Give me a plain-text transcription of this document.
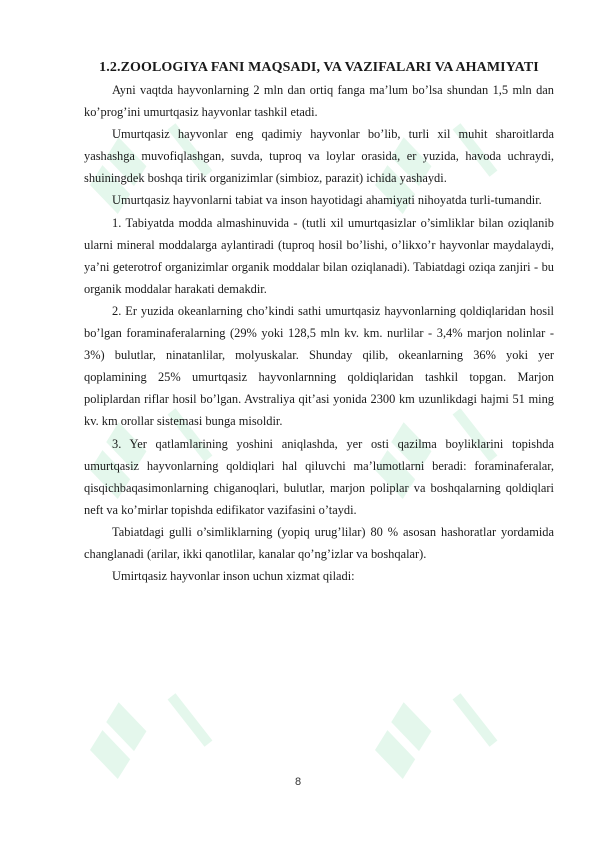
1.2.ZOOLOGIYA FANI MAQSADI, VA VAZIFALARI VA AHAMIYATI

Ayni vaqtda hayvonlarning 2 mln dan ortiq fanga ma’lum bo’lsa shundan 1,5 mln dan ko’prog’ini umurtqasiz hayvonlar tashkil etadi.

Umurtqasiz hayvonlar eng qadimiy hayvonlar bo’lib, turli xil muhit sharoitlarda yashashga muvofiqlashgan, suvda, tuproq va loylar orasida, er yuzida, havoda uchraydi, shuiningdek boshqa tirik organizimlar (simbioz, parazit) ichida yashaydi.

Umurtqasiz hayvonlarni tabiat va inson hayotidagi ahamiyati nihoyatda turli-tumandir.

1. Tabiyatda modda almashinuvida - (tutli xil umurtqasizlar o’simliklar bilan oziqlanib ularni mineral moddalarga aylantiradi (tuproq hosil bo’lishi, o’likxo’r hayvonlar maydalaydi, ya’ni geterotrof organizimlar organik moddalar bilan oziqlanadi). Tabiatdagi oziqa zanjiri - bu organik moddalar harakati demakdir.

2. Er yuzida okeanlarning cho’kindi sathi umurtqasiz hayvonlarning qoldiqlaridan hosil bo’lgan foraminaferalarning (29% yoki 128,5 mln kv. km. nurlilar - 3,4% marjon nolinlar - 3%) bulutlar, ninatanlilar, molyuskalar. Shunday qilib, okeanlarning 36% yoki yer qoplamining 25% umurtqasiz hayvonlarnning qoldiqlaridan tashkil topgan. Marjon poliplardan riflar hosil bo’lgan. Avstraliya qit’asi yonida 2300 km uzunlikdagi hajmi 51 ming kv. km orollar sistemasi bunga misoldir.

3. Yer qatlamlarining yoshini aniqlashda, yer osti qazilma boyliklarini topishda umurtqasiz hayvonlarning qoldiqlari hal qiluvchi ma’lumotlarni beradi: foraminaferalar, qisqichbaqasimonlarning chiganoqlari, bulutlar, marjon poliplar va boshqalarning qoldiqlari neft va ko’mirlar topishda edifikator vazifasini o’taydi.

Tabiatdagi gulli o’simliklarning (yopiq urug’lilar) 80 % asosan hashoratlar yordamida changlanadi (arilar, ikki qanotlilar, kanalar qo’ng’izlar va boshqalar).

Umirtqasiz hayvonlar inson uchun xizmat qiladi:

8
